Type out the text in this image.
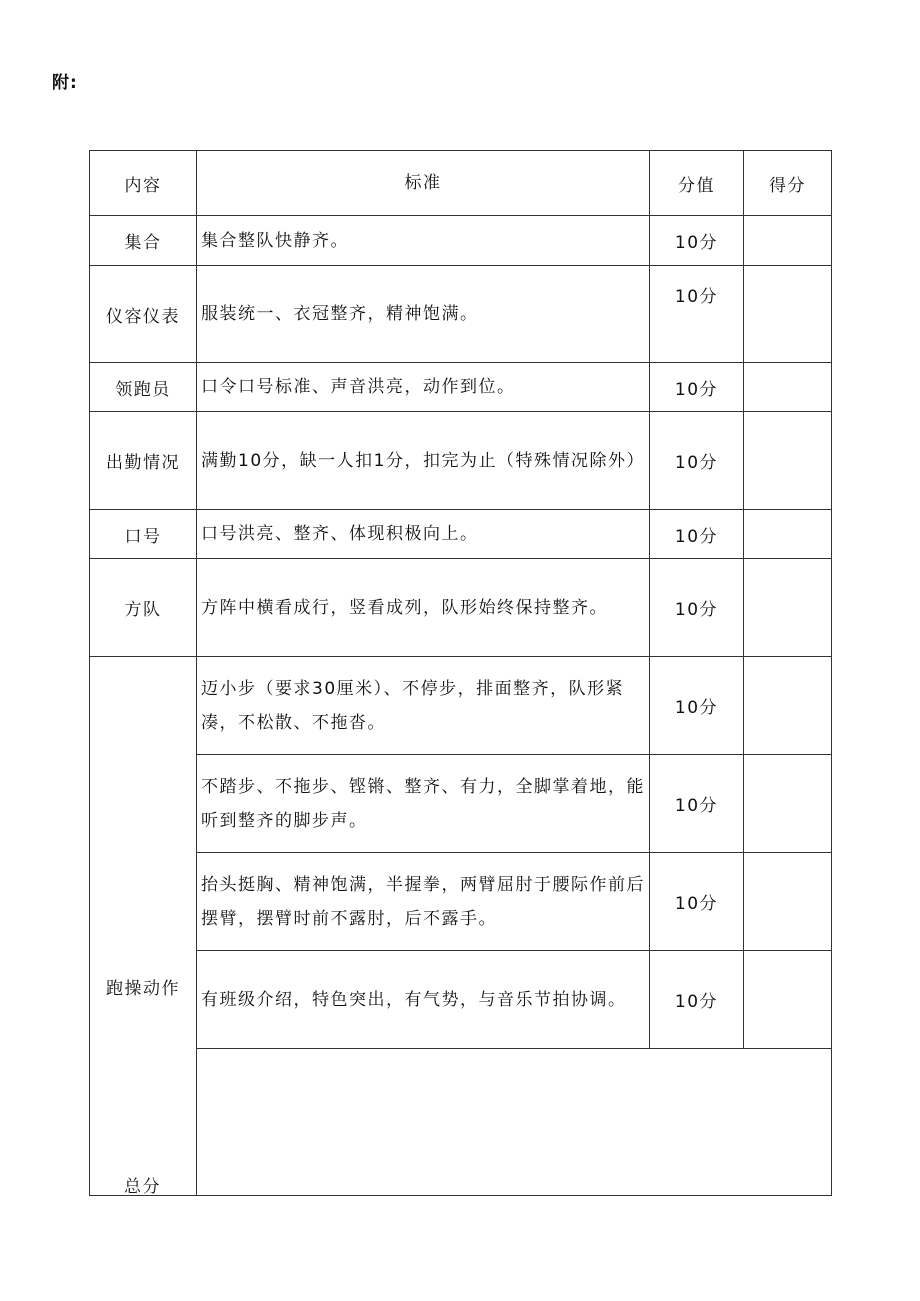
附:
内容	标准	分值	得分
集合	集合整队快静齐。	10分	
仪容仪表	服装统一、衣冠整齐，精神饱满。	10分	
领跑员	口令口号标准、声音洪亮，动作到位。	10分	
出勤情况	满勤10分，缺一人扣1分，扣完为止（特殊情况除外）	10分	
口号	口号洪亮、整齐、体现积极向上。	10分	
方队	方阵中横看成行，竖看成列，队形始终保持整齐。	10分	

跑操动作	迈小步（要求30厘米）、不停步，排面整齐，队形紧凑，不松散、不拖沓。	10分	
	不踏步、不拖步、铿锵、整齐、有力，全脚掌着地，能听到整齐的脚步声。	10分	
	抬头挺胸、精神饱满，半握拳，两臂屈肘于腰际作前后摆臂，摆臂时前不露肘，后不露手。	10分	
	有班级介绍，特色突出，有气势，与音乐节拍协调。	10分	

总分
